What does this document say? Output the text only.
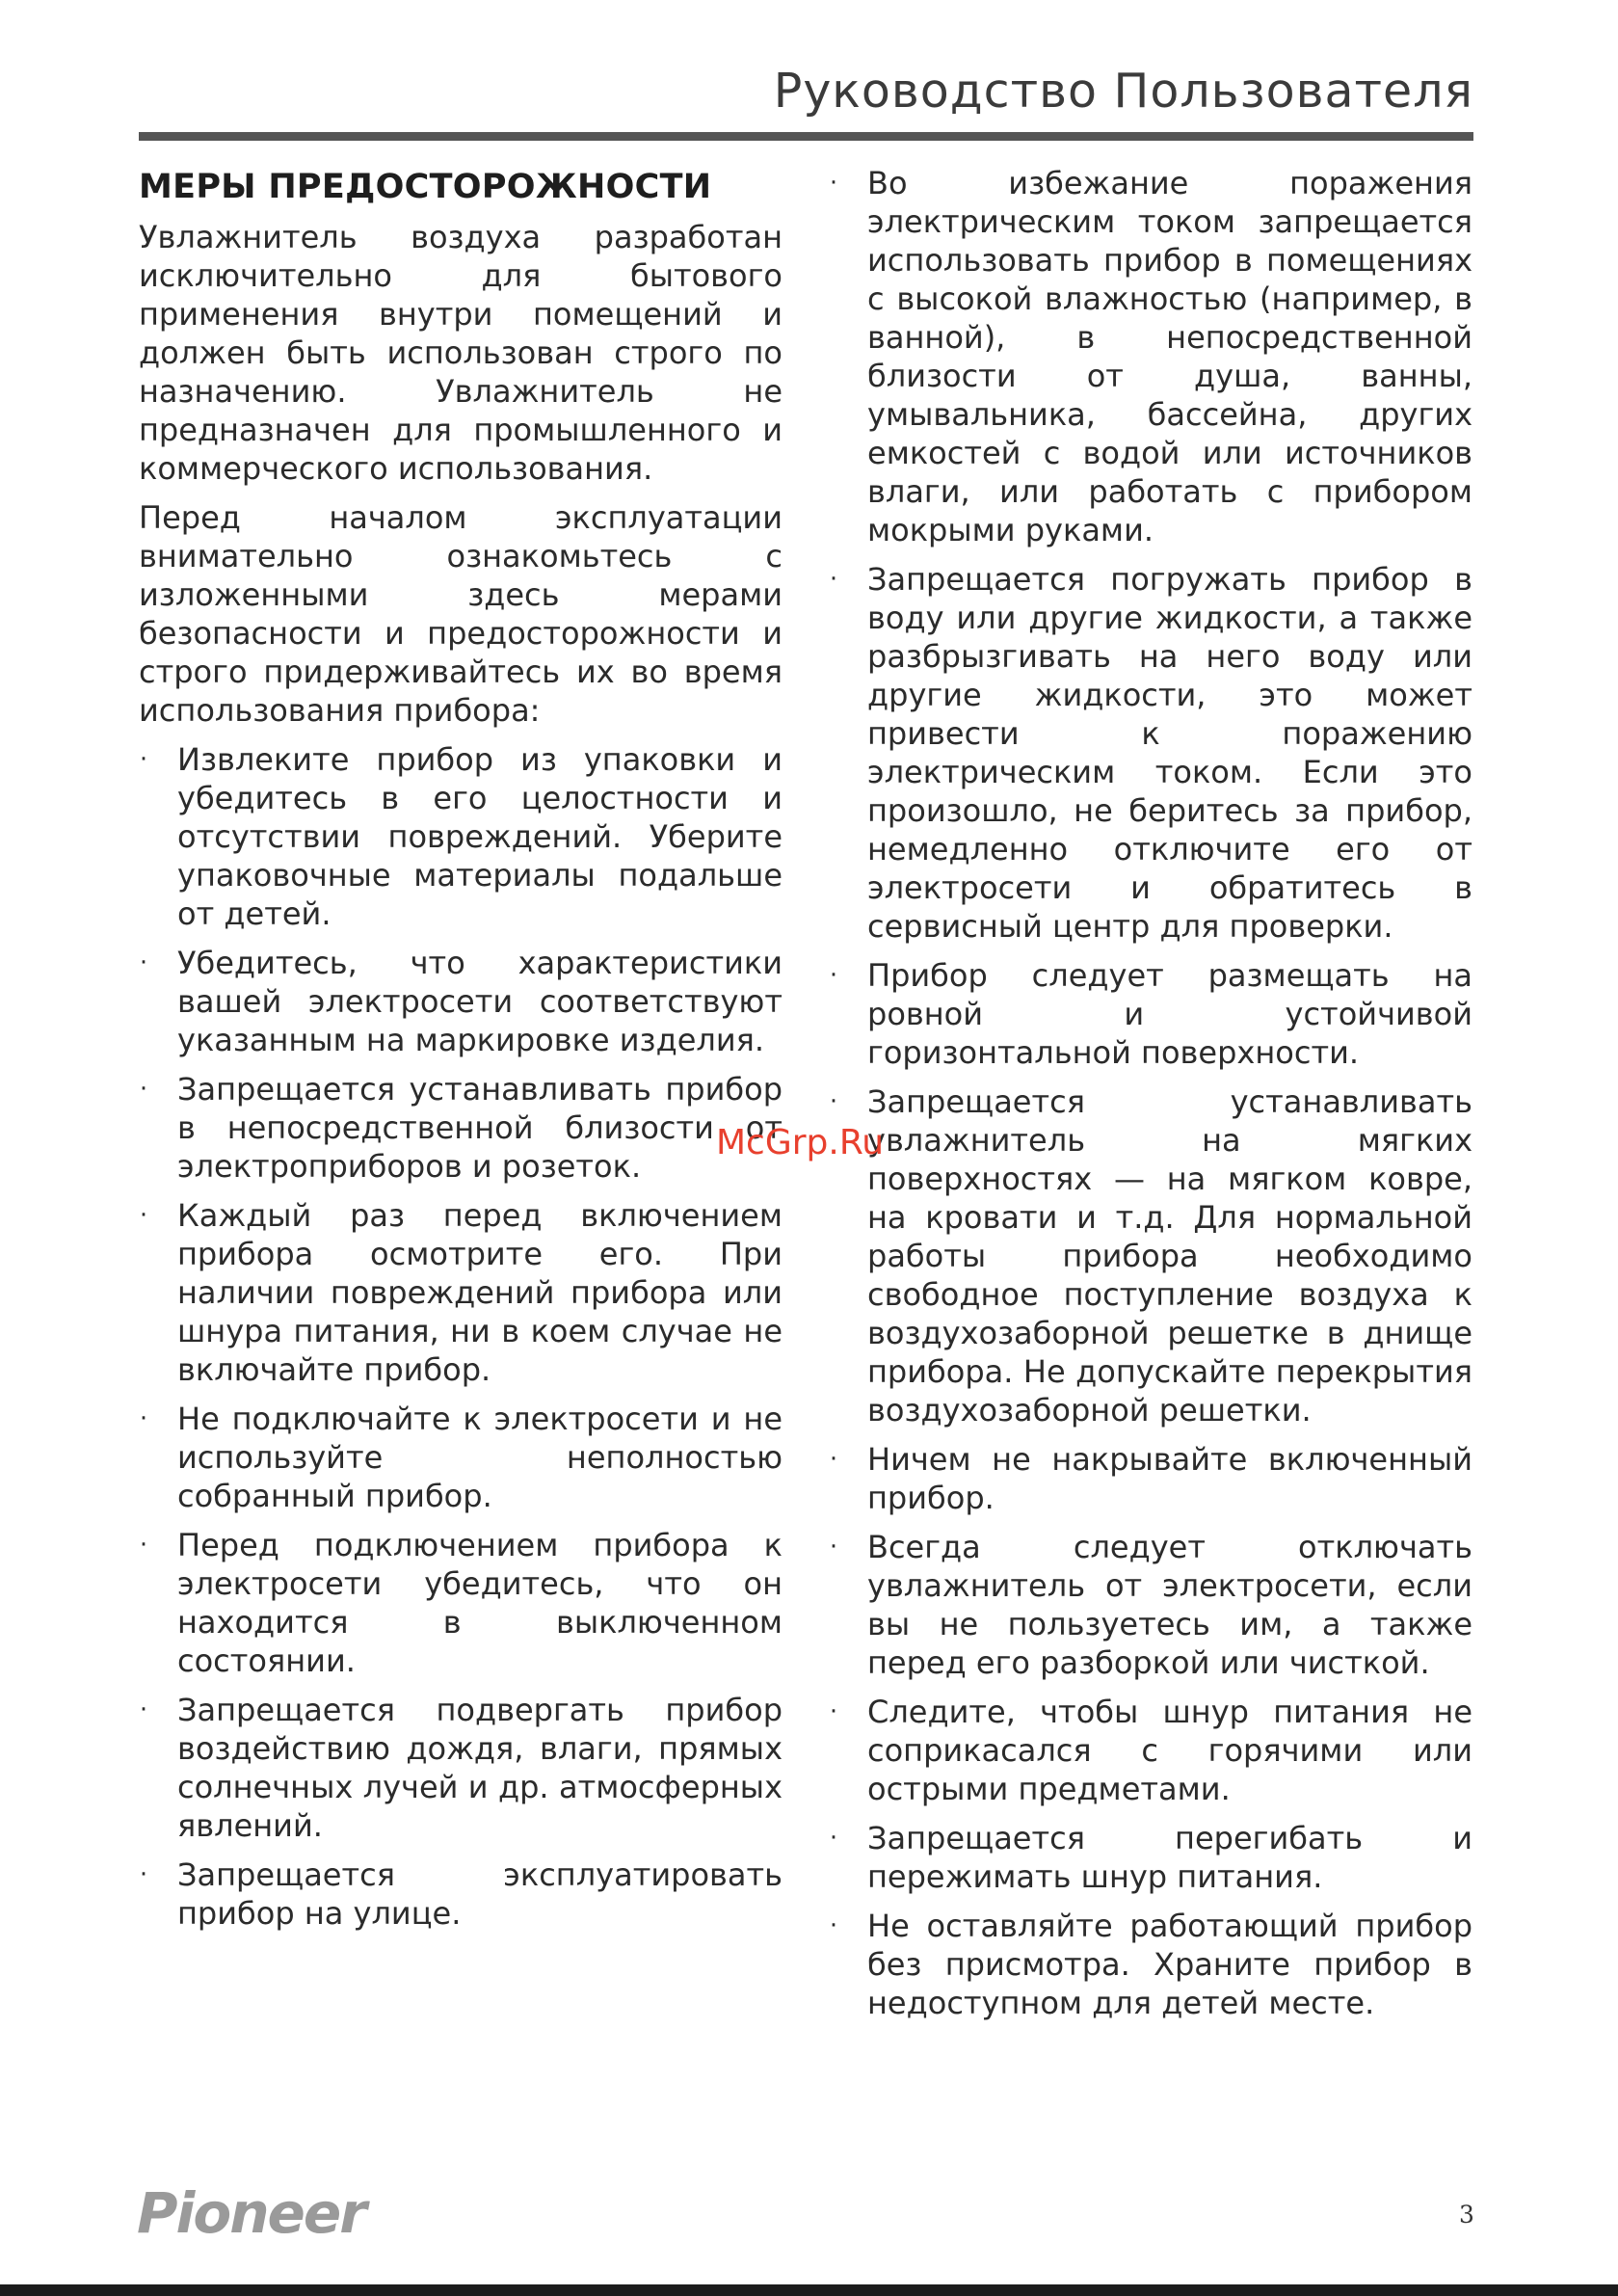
Руководство Пользователя
МЕРЫ ПРЕДОСТОРОЖНОСТИ

Увлажнитель воздуха разработан исключительно для бытового применения внутри помещений и должен быть использован строго по назначению. Увлажнитель не предназначен для промышленного и коммерческого использования.

Перед началом эксплуатации внимательно ознакомьтесь с изложенными здесь мерами безопасности и предосторожности и строго придерживайтесь их во время использования прибора:

· Извлеките прибор из упаковки и убедитесь в его целостности и отсутствии повреждений. Уберите упаковочные материалы подальше от детей.
· Убедитесь, что характеристики вашей электросети соответствуют указанным на маркировке изделия.
· Запрещается устанавливать прибор в непосредственной близости от электроприборов и розеток.
· Каждый раз перед включением прибора осмотрите его. При наличии повреждений прибора или шнура питания, ни в коем случае не включайте прибор.
· Не подключайте к электросети и не используйте неполностью собранный прибор.
· Перед подключением прибора к электросети убедитесь, что он находится в выключенном состоянии.
· Запрещается подвергать прибор воздействию дождя, влаги, прямых солнечных лучей и др. атмосферных явлений.
· Запрещается эксплуатировать прибор на улице.
· Во избежание поражения электрическим током запрещается использовать прибор в помещениях с высокой влажностью (например, в ванной), в непосредственной близости от душа, ванны, умывальника, бассейна, других емкостей с водой или источников влаги, или работать с прибором мокрыми руками.
· Запрещается погружать прибор в воду или другие жидкости, а также разбрызгивать на него воду или другие жидкости, это может привести к поражению электрическим током. Если это произошло, не беритесь за прибор, немедленно отключите его от электросети и обратитесь в сервисный центр для проверки.
· Прибор следует размещать на ровной и устойчивой горизонтальной поверхности.
· Запрещается устанавливать увлажнитель на мягких поверхностях — на мягком ковре, на кровати и т.д. Для нормальной работы прибора необходимо свободное поступление воздуха к воздухозаборной решетке в днище прибора. Не допускайте перекрытия воздухозаборной решетки.
· Ничем не накрывайте включенный прибор.
· Всегда следует отключать увлажнитель от электросети, если вы не пользуетесь им, а также перед его разборкой или чисткой.
· Следите, чтобы шнур питания не соприкасался с горячими или острыми предметами.
· Запрещается перегибать и пережимать шнур питания.
· Не оставляйте работающий прибор без присмотра. Храните прибор в недоступном для детей месте.
McGrp.Ru
Pioneer	3
